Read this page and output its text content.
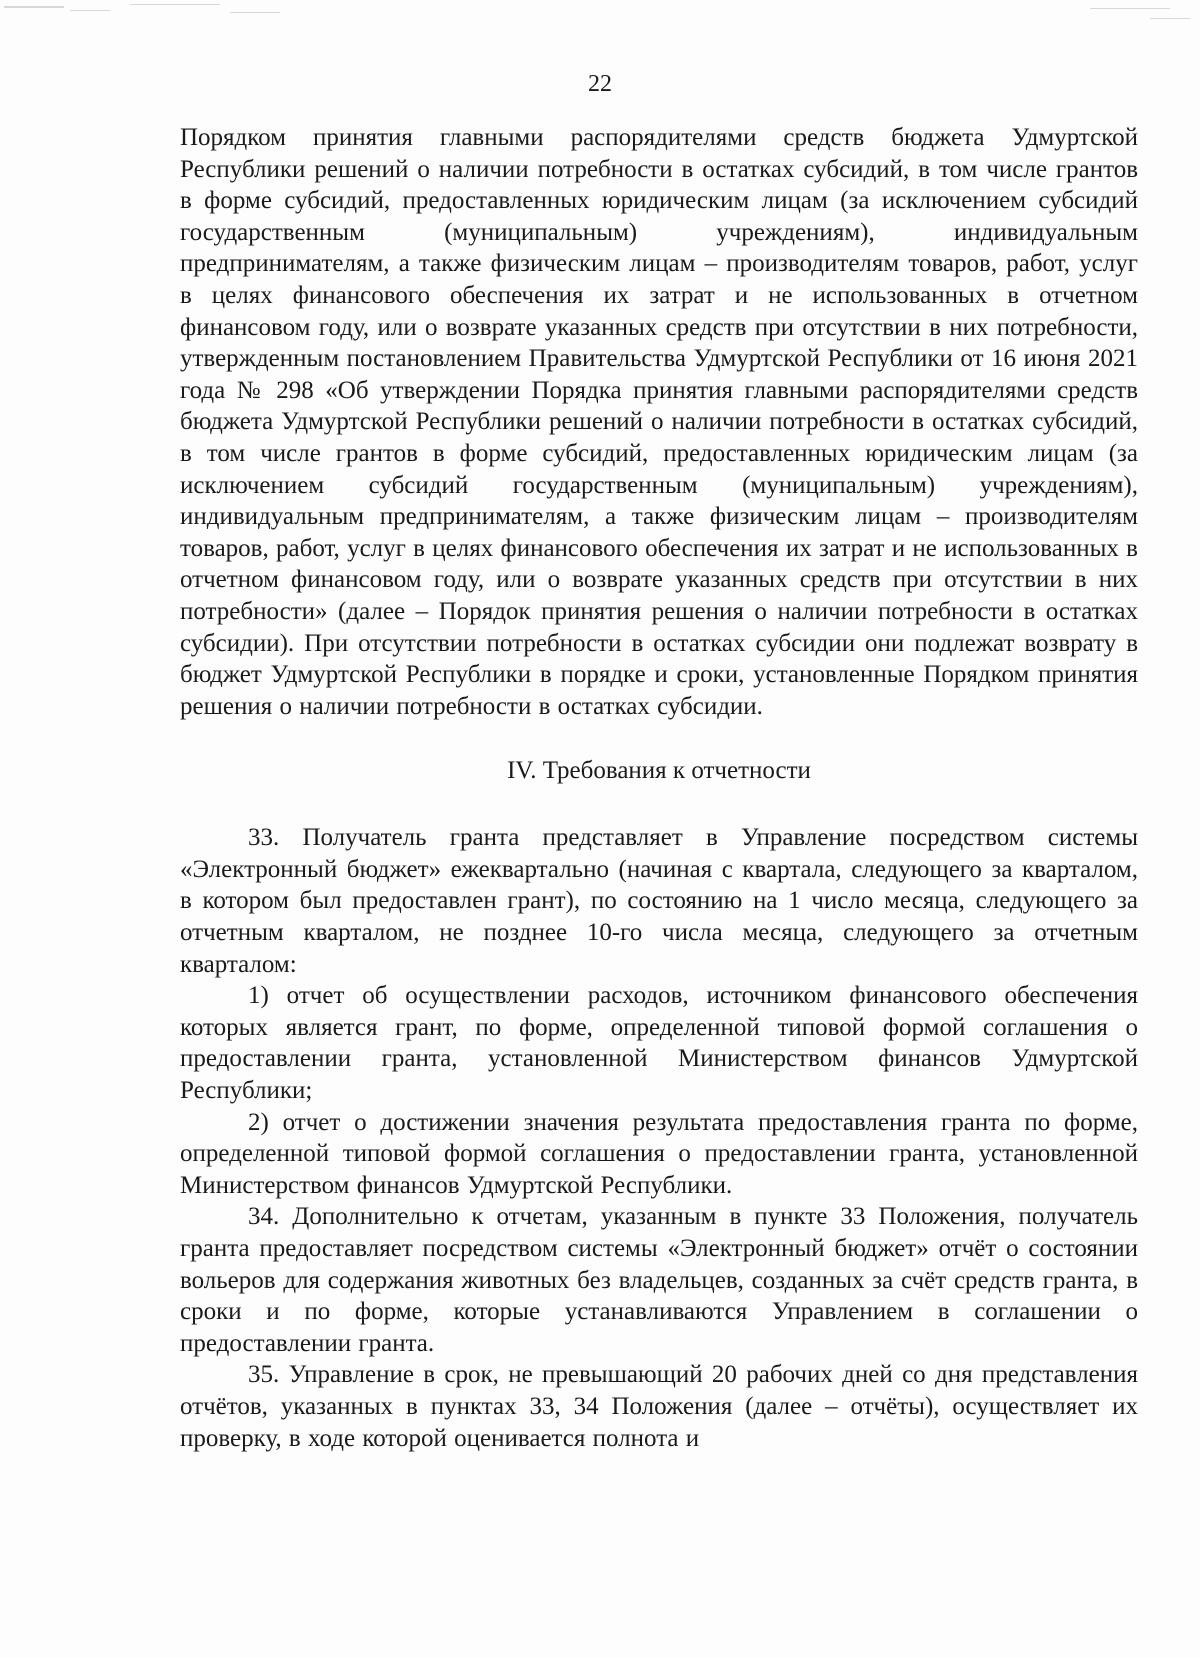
22

Порядком принятия главными распорядителями средств бюджета Удмуртской Республики решений о наличии потребности в остатках субсидий, в том числе грантов в форме субсидий, предоставленных юридическим лицам (за исключением субсидий государственным (муниципальным) учреждениям), индивидуальным предпринимателям, а также физическим лицам – производителям товаров, работ, услуг в целях финансового обеспечения их затрат и не использованных в отчетном финансовом году, или о возврате указанных средств при отсутствии в них потребности, утвержденным постановлением Правительства Удмуртской Республики от 16 июня 2021 года № 298 «Об утверждении Порядка принятия главными распорядителями средств бюджета Удмуртской Республики решений о наличии потребности в остатках субсидий, в том числе грантов в форме субсидий, предоставленных юридическим лицам (за исключением субсидий государственным (муниципальным) учреждениям), индивидуальным предпринимателям, а также физическим лицам – производителям товаров, работ, услуг в целях финансового обеспечения их затрат и не использованных в отчетном финансовом году, или о возврате указанных средств при отсутствии в них потребности» (далее – Порядок принятия решения о наличии потребности в остатках субсидии). При отсутствии потребности в остатках субсидии они подлежат возврату в бюджет Удмуртской Республики в порядке и сроки, установленные Порядком принятия решения о наличии потребности в остатках субсидии.

IV. Требования к отчетности

33. Получатель гранта представляет в Управление посредством системы «Электронный бюджет» ежеквартально (начиная с квартала, следующего за кварталом, в котором был предоставлен грант), по состоянию на 1 число месяца, следующего за отчетным кварталом, не позднее 10-го числа месяца, следующего за отчетным кварталом:

1) отчет об осуществлении расходов, источником финансового обеспечения которых является грант, по форме, определенной типовой формой соглашения о предоставлении гранта, установленной Министерством финансов Удмуртской Республики;

2) отчет о достижении значения результата предоставления гранта по форме, определенной типовой формой соглашения о предоставлении гранта, установленной Министерством финансов Удмуртской Республики.

34. Дополнительно к отчетам, указанным в пункте 33 Положения, получатель гранта предоставляет посредством системы «Электронный бюджет» отчёт о состоянии вольеров для содержания животных без владельцев, созданных за счёт средств гранта, в сроки и по форме, которые устанавливаются Управлением в соглашении о предоставлении гранта.

35. Управление в срок, не превышающий 20 рабочих дней со дня представления отчётов, указанных в пунктах 33, 34 Положения (далее – отчёты), осуществляет их проверку, в ходе которой оценивается полнота и
